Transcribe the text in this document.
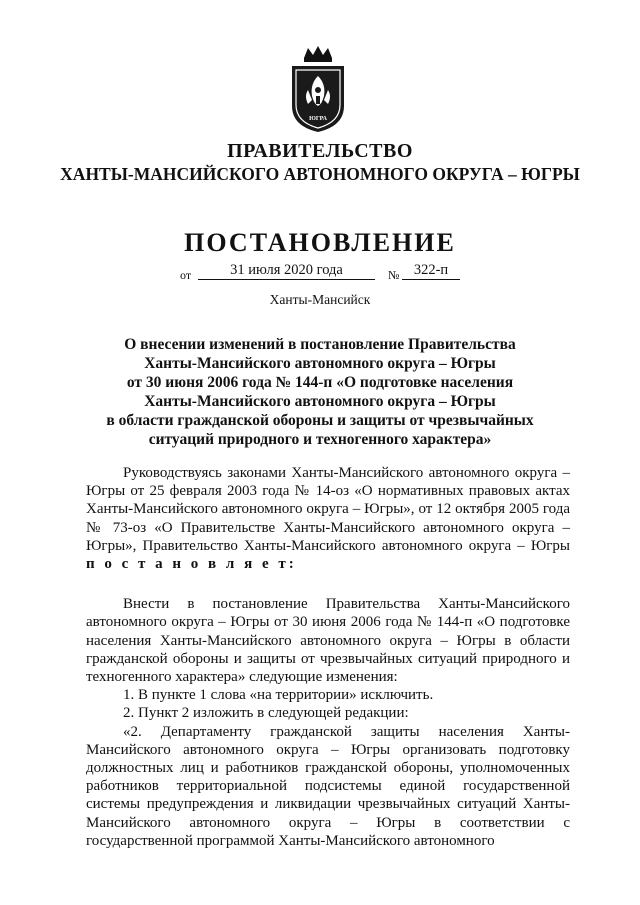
ЮГРА
ПРАВИТЕЛЬСТВО
ХАНТЫ-МАНСИЙСКОГО АВТОНОМНОГО ОКРУГА – ЮГРЫ
ПОСТАНОВЛЕНИЕ
от	31 июля 2020 года	№ 322-п
Ханты-Мансийск
О внесении изменений в постановление Правительства
Ханты-Мансийского автономного округа – Югры
от 30 июня 2006 года № 144-п «О подготовке населения
Ханты-Мансийского автономного округа – Югры
в области гражданской обороны и защиты от чрезвычайных
ситуаций природного и техногенного характера»

Руководствуясь законами Ханты-Мансийского автономного округа – Югры от 25 февраля 2003 года № 14-оз «О нормативных правовых актах Ханты-Мансийского автономного округа – Югры», от 12 октября 2005 года № 73-оз «О Правительстве Ханты-Мансийского автономного округа – Югры», Правительство Ханты-Мансийского автономного округа – Югры п о с т а н о в л я е т:

Внести в постановление Правительства Ханты-Мансийского автономного округа – Югры от 30 июня 2006 года № 144-п «О подготовке населения Ханты-Мансийского автономного округа – Югры в области гражданской обороны и защиты от чрезвычайных ситуаций природного и техногенного характера» следующие изменения:

1. В пункте 1 слова «на территории» исключить.

2. Пункт 2 изложить в следующей редакции:

«2. Департаменту гражданской защиты населения Ханты-Мансийского автономного округа – Югры организовать подготовку должностных лиц и работников гражданской обороны, уполномоченных работников территориальной подсистемы единой государственной системы предупреждения и ликвидации чрезвычайных ситуаций Ханты-Мансийского автономного округа – Югры в соответствии с государственной программой Ханты-Мансийского автономного
